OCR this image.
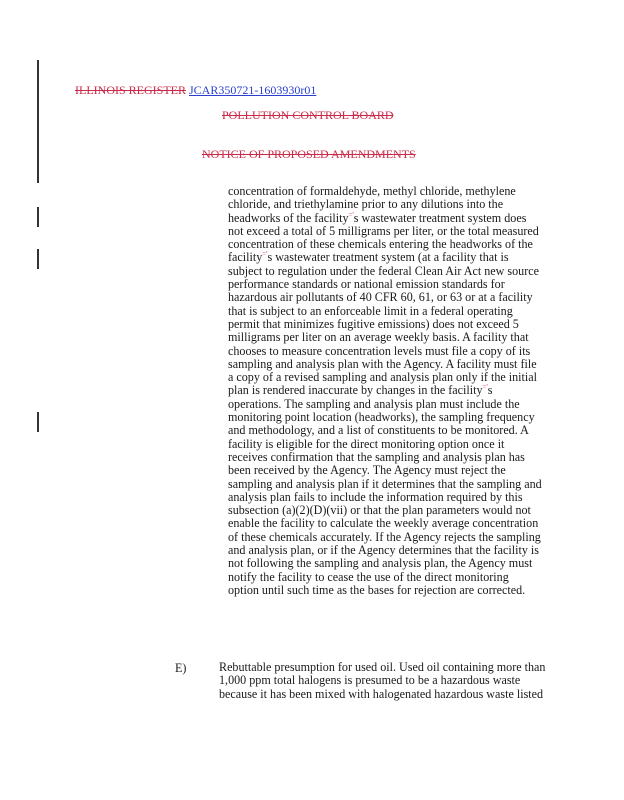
ILLINOIS REGISTER JCAR350721-1603930r01
POLLUTION CONTROL BOARD
NOTICE OF PROPOSED AMENDMENTS
concentration of formaldehyde, methyl chloride, methylene chloride, and triethylamine prior to any dilutions into the headworks of the facility='s wastewater treatment system does not exceed a total of 5 milligrams per liter, or the total measured concentration of these chemicals entering the headworks of the facility='s wastewater treatment system (at a facility that is subject to regulation under the federal Clean Air Act new source performance standards or national emission standards for hazardous air pollutants of 40 CFR 60, 61, or 63 or at a facility that is subject to an enforceable limit in a federal operating permit that minimizes fugitive emissions) does not exceed 5 milligrams per liter on an average weekly basis. A facility that chooses to measure concentration levels must file a copy of its sampling and analysis plan with the Agency. A facility must file a copy of a revised sampling and analysis plan only if the initial plan is rendered inaccurate by changes in the facility='s operations. The sampling and analysis plan must include the monitoring point location (headworks), the sampling frequency and methodology, and a list of constituents to be monitored. A facility is eligible for the direct monitoring option once it receives confirmation that the sampling and analysis plan has been received by the Agency. The Agency must reject the sampling and analysis plan if it determines that the sampling and analysis plan fails to include the information required by this subsection (a)(2)(D)(vii) or that the plan parameters would not enable the facility to calculate the weekly average concentration of these chemicals accurately. If the Agency rejects the sampling and analysis plan, or if the Agency determines that the facility is not following the sampling and analysis plan, the Agency must notify the facility to cease the use of the direct monitoring option until such time as the bases for rejection are corrected.
E)	Rebuttable presumption for used oil. Used oil containing more than 1,000 ppm total halogens is presumed to be a hazardous waste because it has been mixed with halogenated hazardous waste listed
